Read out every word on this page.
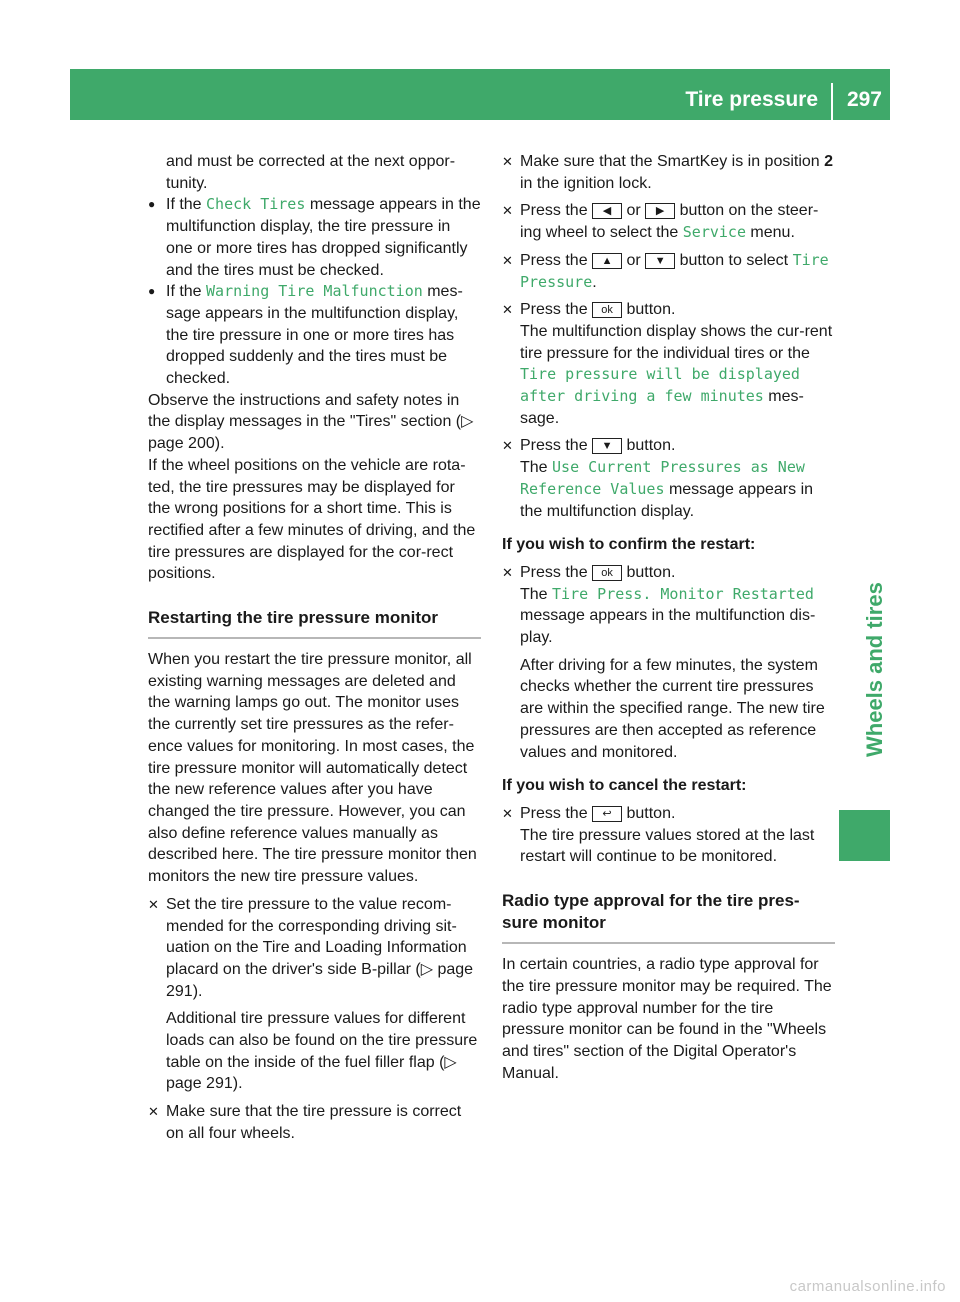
Tire pressure 297
Wheels and tires

and must be corrected at the next oppor-tunity.

● If the Check Tires message appears in the multifunction display, the tire pressure in one or more tires has dropped significantly and the tires must be checked.
● If the Warning Tire Malfunction mes-sage appears in the multifunction display, the tire pressure in one or more tires has dropped suddenly and the tires must be checked.

Observe the instructions and safety notes in the display messages in the "Tires" section (▷ page 200).

If the wheel positions on the vehicle are rota-ted, the tire pressures may be displayed for the wrong positions for a short time. This is rectified after a few minutes of driving, and the tire pressures are displayed for the cor-rect positions.

Restarting the tire pressure monitor

When you restart the tire pressure monitor, all existing warning messages are deleted and the warning lamps go out. The monitor uses the currently set tire pressures as the refer-ence values for monitoring. In most cases, the tire pressure monitor will automatically detect the new reference values after you have changed the tire pressure. However, you can also define reference values manually as described here. The tire pressure monitor then monitors the new tire pressure values.

✕ Set the tire pressure to the value recom-mended for the corresponding driving sit-uation on the Tire and Loading Information placard on the driver's side B-pillar (▷ page 291).

Additional tire pressure values for different loads can also be found on the tire pressure table on the inside of the fuel filler flap (▷ page 291).

✕ Make sure that the tire pressure is correct on all four wheels.
✕ Make sure that the SmartKey is in position 2 in the ignition lock.
✕ Press the ◀ or ▶ button on the steer-ing wheel to select the Service menu.
✕ Press the ▲ or ▼ button to select Tire Pressure.
✕ Press the ok button.

The multifunction display shows the cur-rent tire pressure for the individual tires or the Tire pressure will be displayed after driving a few minutes mes-sage.

✕ Press the ▼ button.

The Use Current Pressures as New Reference Values message appears in the multifunction display.

If you wish to confirm the restart:

✕ Press the ok button.

The Tire Press. Monitor Restarted message appears in the multifunction dis-play.

After driving for a few minutes, the system checks whether the current tire pressures are within the specified range. The new tire pressures are then accepted as reference values and monitored.

If you wish to cancel the restart:

✕ Press the ↩ button.

The tire pressure values stored at the last restart will continue to be monitored.

Radio type approval for the tire pres-sure monitor

In certain countries, a radio type approval for the tire pressure monitor may be required. The radio type approval number for the tire pressure monitor can be found in the "Wheels and tires" section of the Digital Operator's Manual.

carmanualsonline.info
